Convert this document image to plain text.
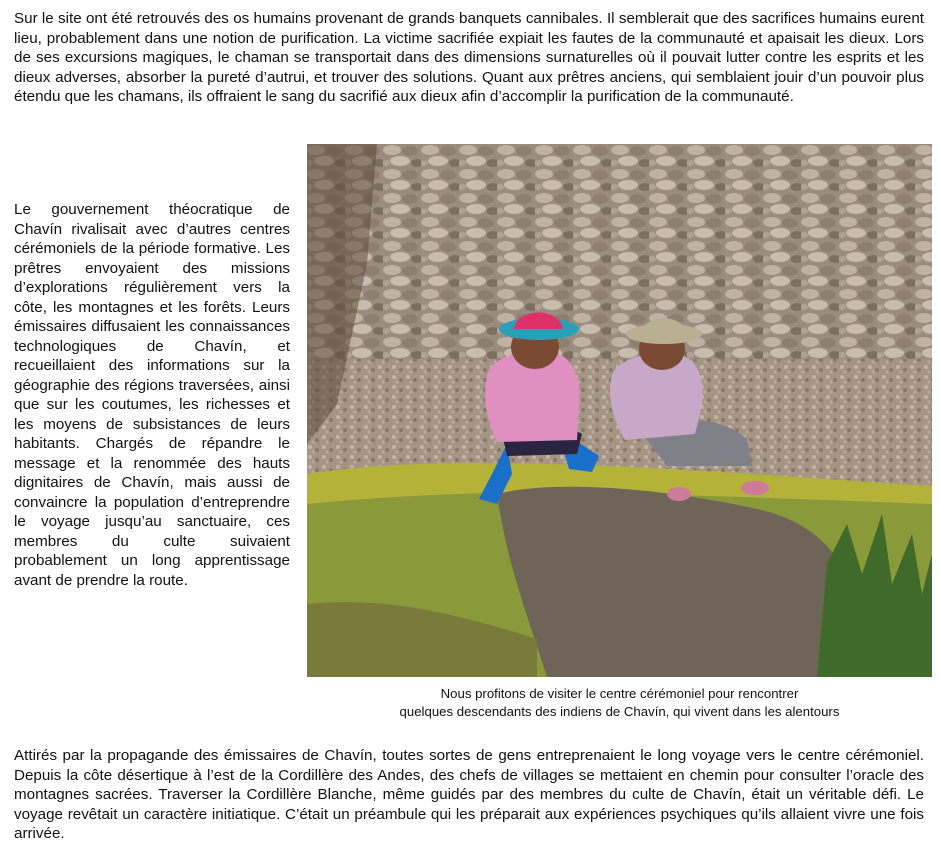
Sur le site ont été retrouvés des os humains provenant de grands banquets cannibales. Il semblerait que des sacrifices humains eurent lieu, probablement dans une notion de purification. La victime sacrifiée expiait les fautes de la communauté et apaisait les dieux. Lors de ses excursions magiques, le chaman se transportait dans des dimensions surnaturelles où il pouvait lutter contre les esprits et les dieux adverses, absorber la pureté d’autrui, et trouver des solutions. Quant aux prêtres anciens, qui semblaient jouir d’un pouvoir plus étendu que les chamans, ils offraient le sang du sacrifié aux dieux afin d’accomplir la purification de la communauté.

Le gouvernement théocratique de Chavín rivalisait avec d’autres centres cérémoniels de la période formative. Les prêtres envoyaient des missions d’explorations régulièrement vers la côte, les montagnes et les forêts. Leurs émissaires diffusaient les connaissances technologiques de Chavín, et recueillaient des informations sur la géographie des régions traversées, ainsi que sur les coutumes, les richesses et les moyens de subsistances de leurs habitants. Chargés de répandre le message et la renommée des hauts dignitaires de Chavín, mais aussi de convaincre la population d’entreprendre le voyage jusqu’au sanctuaire, ces membres du culte suivaient probablement un long apprentissage avant de prendre la route.

Nous profitons de visiter le centre cérémoniel pour rencontrer
quelques descendants des indiens de Chavín, qui vivent dans les alentours

Attirés par la propagande des émissaires de Chavín, toutes sortes de gens entreprenaient le long voyage vers le centre cérémoniel. Depuis la côte désertique à l’est de la Cordillère des Andes, des chefs de villages se mettaient en chemin pour consulter l’oracle des montagnes sacrées. Traverser la Cordillère Blanche, même guidés par des membres du culte de Chavín, était un véritable défi. Le voyage revêtait un caractère initiatique. C’était un préambule qui les préparait aux expériences psychiques qu’ils allaient vivre une fois arrivée.
